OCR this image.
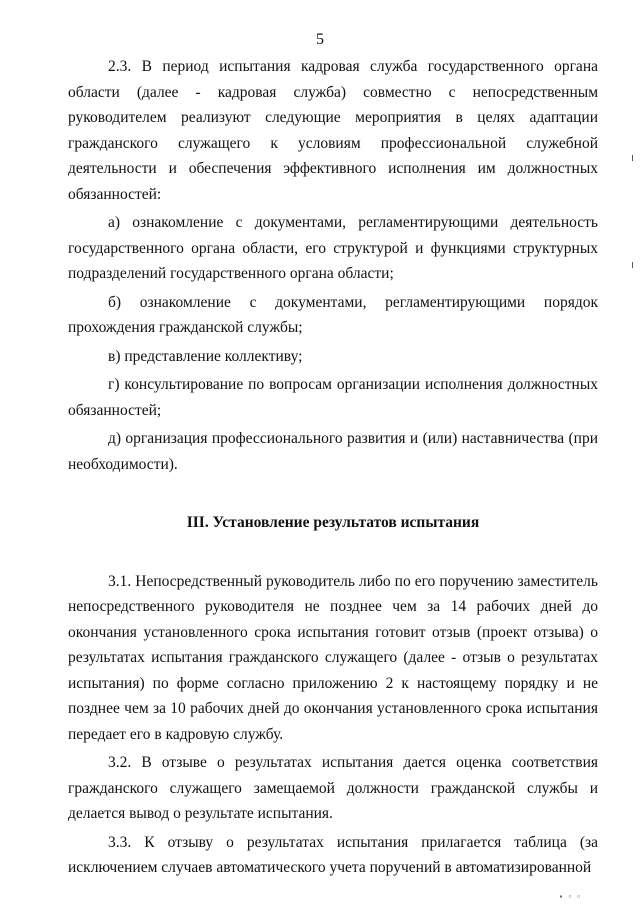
5

2.3. В период испытания кадровая служба государственного органа области (далее - кадровая служба) совместно с непосредственным руководителем реализуют следующие мероприятия в целях адаптации гражданского служащего к условиям профессиональной служебной деятельности и обеспечения эффективного исполнения им должностных обязанностей:

а) ознакомление с документами, регламентирующими деятельность государственного органа области, его структурой и функциями структурных подразделений государственного органа области;

б) ознакомление с документами, регламентирующими порядок прохождения гражданской службы;

в) представление коллективу;

г) консультирование по вопросам организации исполнения должностных обязанностей;

д) организация профессионального развития и (или) наставничества (при необходимости).

III. Установление результатов испытания

3.1. Непосредственный руководитель либо по его поручению заместитель непосредственного руководителя не позднее чем за 14 рабочих дней до окончания установленного срока испытания готовит отзыв (проект отзыва) о результатах испытания гражданского служащего (далее - отзыв о результатах испытания) по форме согласно приложению 2 к настоящему порядку и не позднее чем за 10 рабочих дней до окончания установленного срока испытания передает его в кадровую службу.

3.2. В отзыве о результатах испытания дается оценка соответствия гражданского служащего замещаемой должности гражданской службы и делается вывод о результате испытания.

3.3. К отзыву о результатах испытания прилагается таблица (за исключением случаев автоматического учета поручений в автоматизированной

▪ ▫ ▫
